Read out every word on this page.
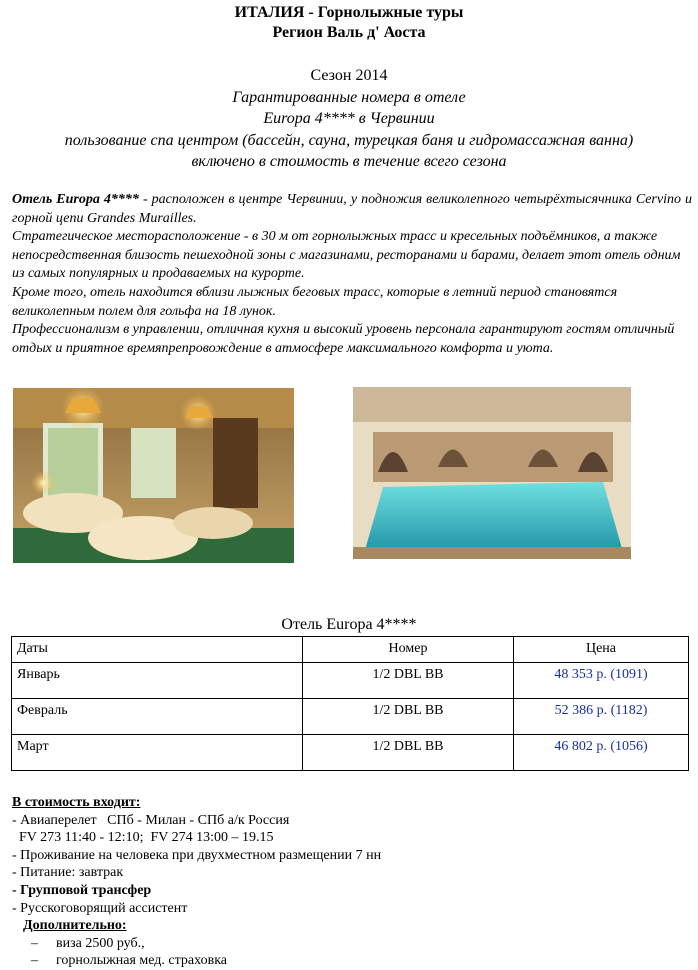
ИТАЛИЯ - Горнолыжные туры
Регион Валь д' Аоста
Сезон 2014
Гарантированные номера в отеле
Europa 4**** в Червинии
пользование спа центром (бассейн, сауна, турецкая баня и гидромассажная ванна)
включено в стоимость в течение всего сезона

Отель Europa 4**** - расположен в центре Червинии, у подножия великолепного четырёхтысячника Cervino и горной цепи Grandes Murailles.

Стратегическое месторасположение - в 30 м от горнолыжных трасс и кресельных подъёмников, а также непосредственная близость пешеходной зоны с магазинами, ресторанами и барами, делает этот отель одним из самых популярных и продаваемых на курорте.

Кроме того, отель находится вблизи лыжных беговых трасс, которые в летний период становятся великолепным полем для гольфа на 18 лунок.

Профессионализм в управлении, отличная кухня и высокий уровень персонала гарантируют гостям отличный отдых и приятное времяпрепровождение в атмосфере максимального комфорта и уюта.

Отель Europa 4****
Даты	Номер	Цена
Январь	1/2 DBL BB	48 353 р. (1091)
Февраль	1/2 DBL BB	52 386 р. (1182)
Март	1/2 DBL BB	46 802 р. (1056)
В стоимость входит:
- Авиаперелет   СПб - Милан - СПб а/к Россия
FV 273 11:40 - 12:10;  FV 274 13:00 – 19.15
- Проживание на человека при двухместном размещении 7 нн
- Питание: завтрак
- Групповой трансфер
- Русскоговорящий ассистент
Дополнительно:
– виза 2500 руб.,
– горнолыжная мед. страховка
